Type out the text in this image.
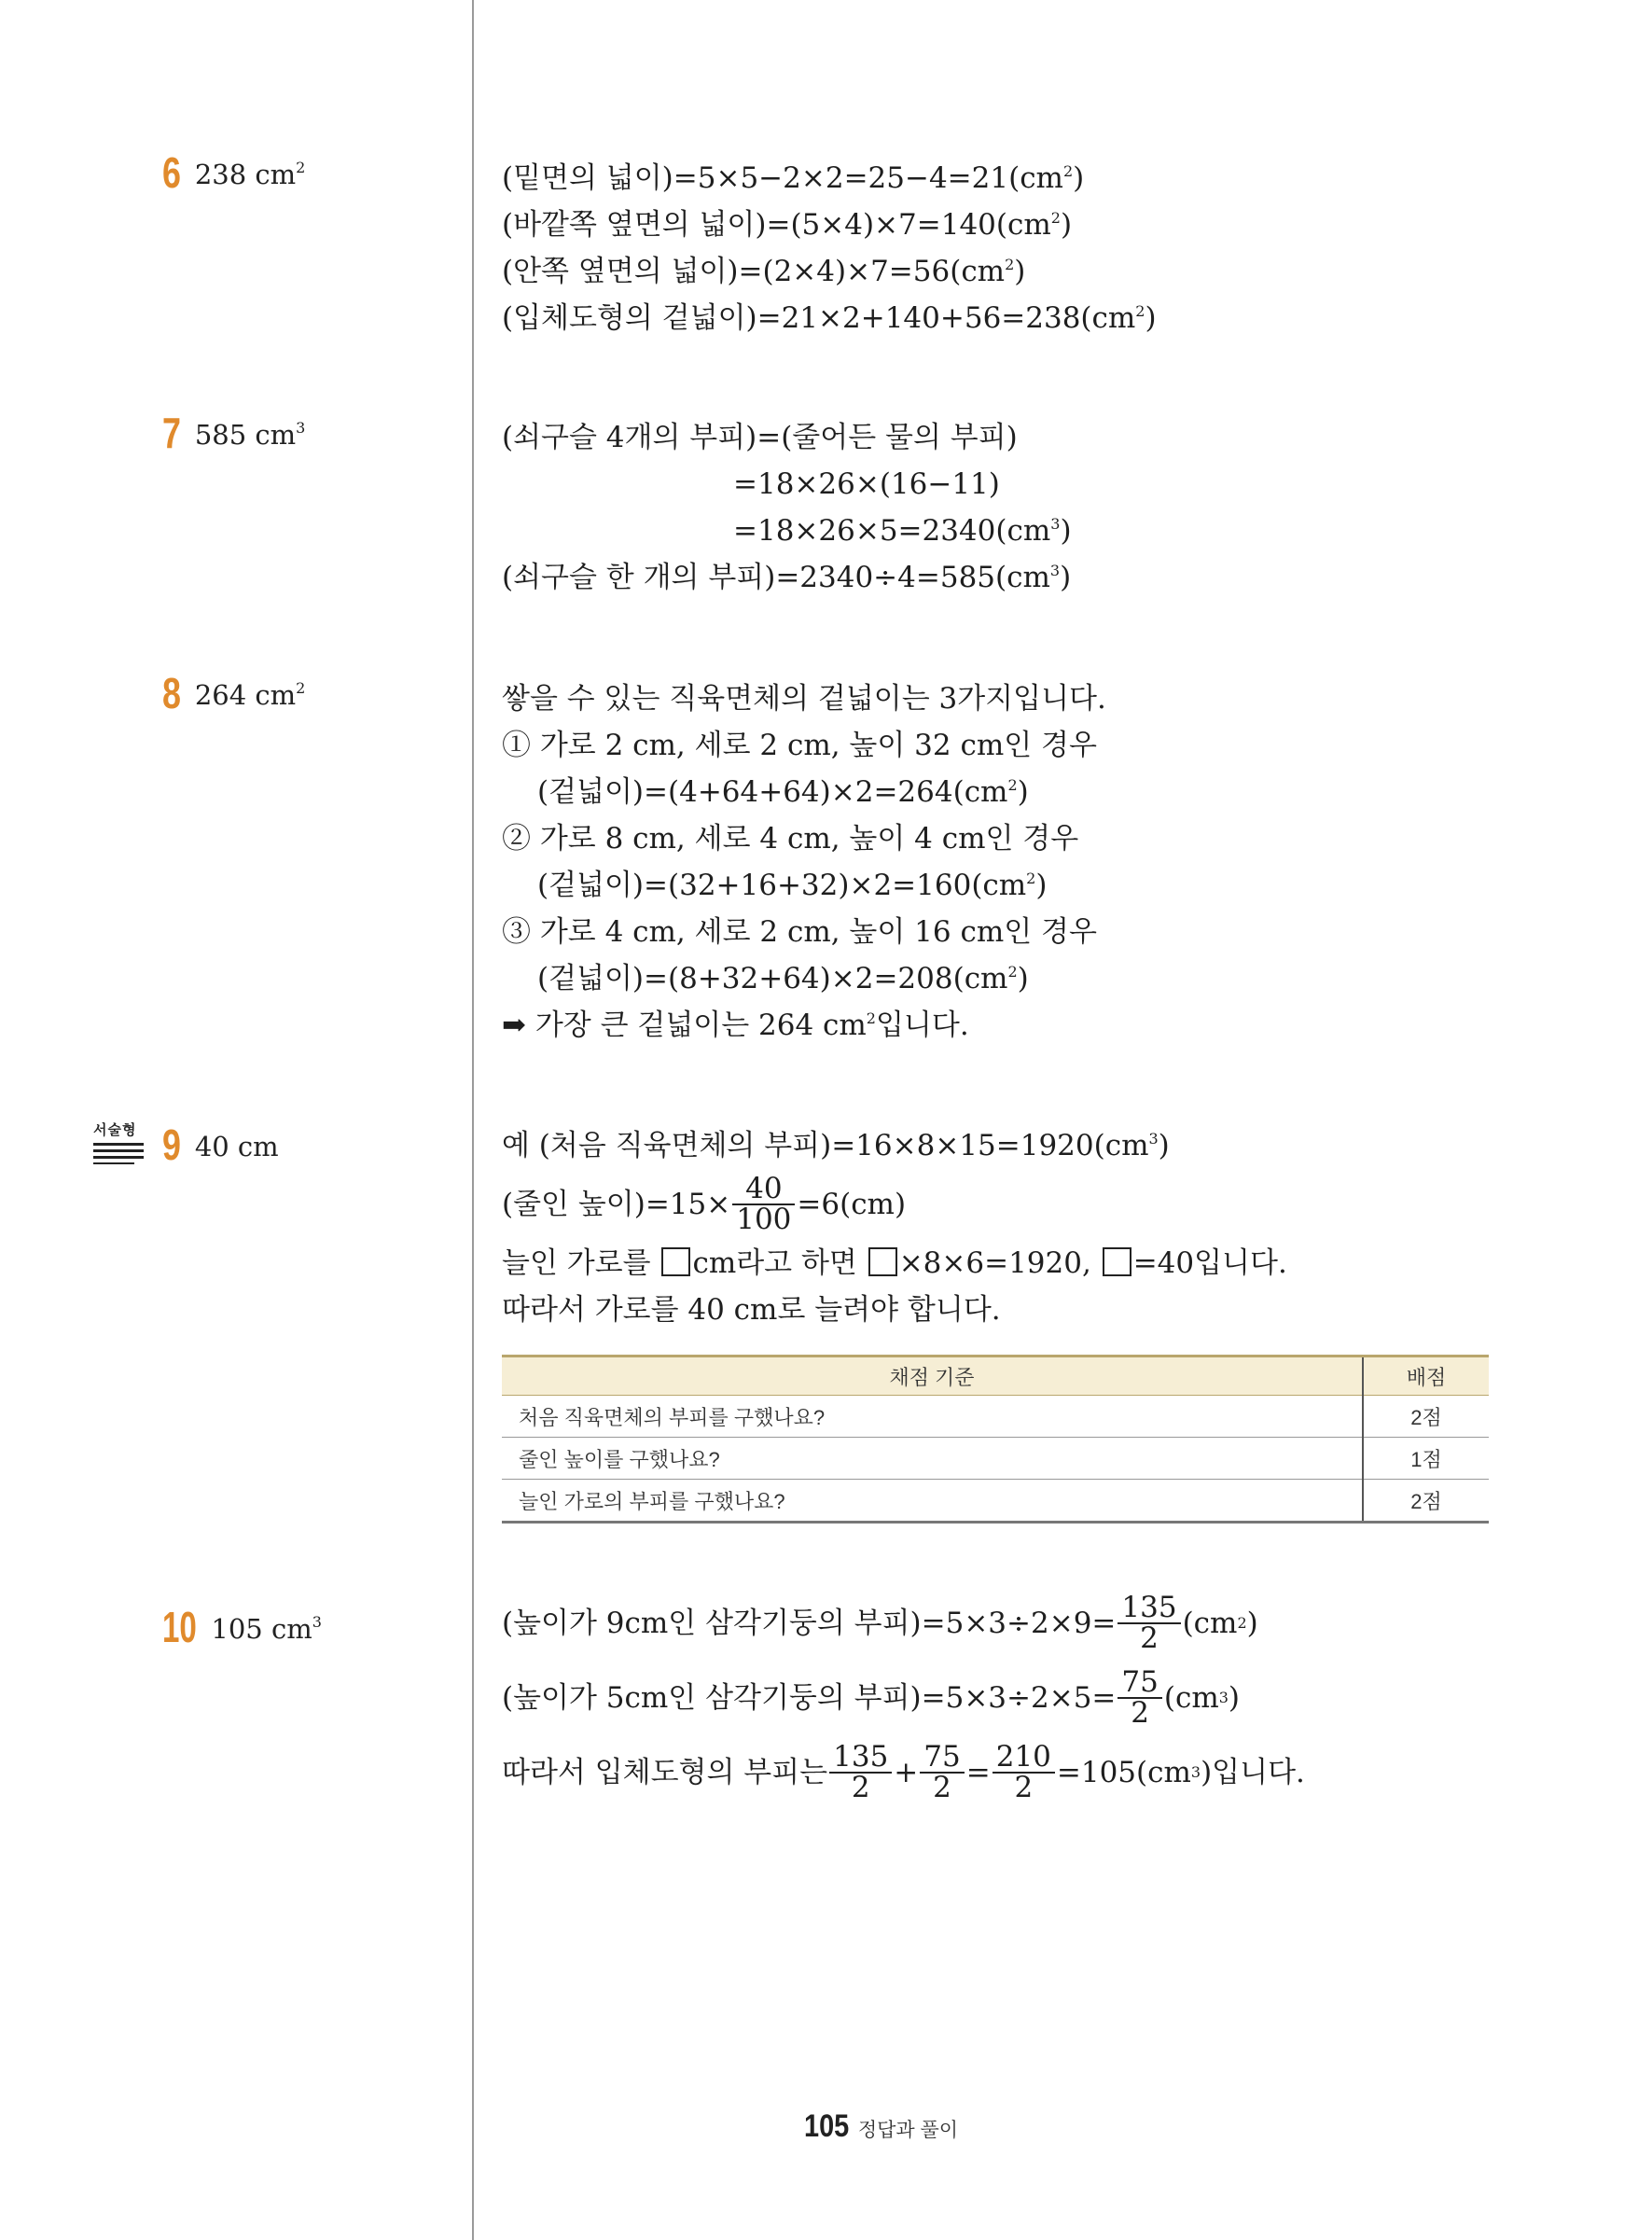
6 238 $cm^2$	(밑면의 넓이)$=5\times 5-2\times 2=25-4=21(cm^2)$
(바깥쪽 옆면의 넓이)$=(5\times 4)\times 7=140(cm^2)$
(안쪽 옆면의 넓이)$=(2\times 4)\times 7=56(cm^2)$
(입체도형의 겉넓이)$=21\times 2+140+56=238(cm^2)$
7 585 $cm^3$	(쇠구슬 4개의 부피)=(줄어든 물의 부피)
=18×26×(16−11)
$=18\times 26\times 5=2340(cm^3)$
(쇠구슬 한 개의 부피)$=2340\div 4=585(cm^3)$
8 264 $cm^2$	쌓을 수 있는 직육면체의 겉넓이는 3가지입니다.
① 가로 2 cm, 세로 2 cm, 높이 32 cm인 경우
(겉넓이)$=(4+64+64)\times 2=264(cm^2)$
② 가로 8 cm, 세로 4 cm, 높이 4 cm인 경우
(겉넓이)$=(32+16+32)\times 2=160(cm^2)$
③ 가로 4 cm, 세로 2 cm, 높이 16 cm인 경우
(겉넓이)$=(8+32+64)\times 2=208(cm^2)$
➡ 가장 큰 겉넓이는 264 $cm^2$입니다.
서술형 9 40 cm	예 (처음 직육면체의 부피)$=16\times 8\times 15=1920(cm^3)$
(줄인 높이)$=15\times \frac{40}{100} =6(cm)$
늘인 가로를 cm라고 하면 ×8×6=1920, =40입니다.
따라서 가로를 40 cm로 늘려야 합니다.
채점 기준	배점
처음 직육면체의 부피를 구했나요?	2점
줄인 높이를 구했나요?	1점
늘인 가로의 부피를 구했나요?	2점
10 105 $cm^3$	(높이가 9cm인 삼각기둥의 부피)$=5\times 3\div 2\times 9= \frac{135}{2} (cm$ 2 )
(높이가 5cm인 삼각기둥의 부피)$=5\times 3\div 2\times 5= \frac{75}{2} (cm$ 3 )
따라서 입체도형의 부피는 $\frac{135}{2} + \frac{75}{2} = \frac{210}{2} =105(cm$ 3 )입니다.
105 정답과 풀이
